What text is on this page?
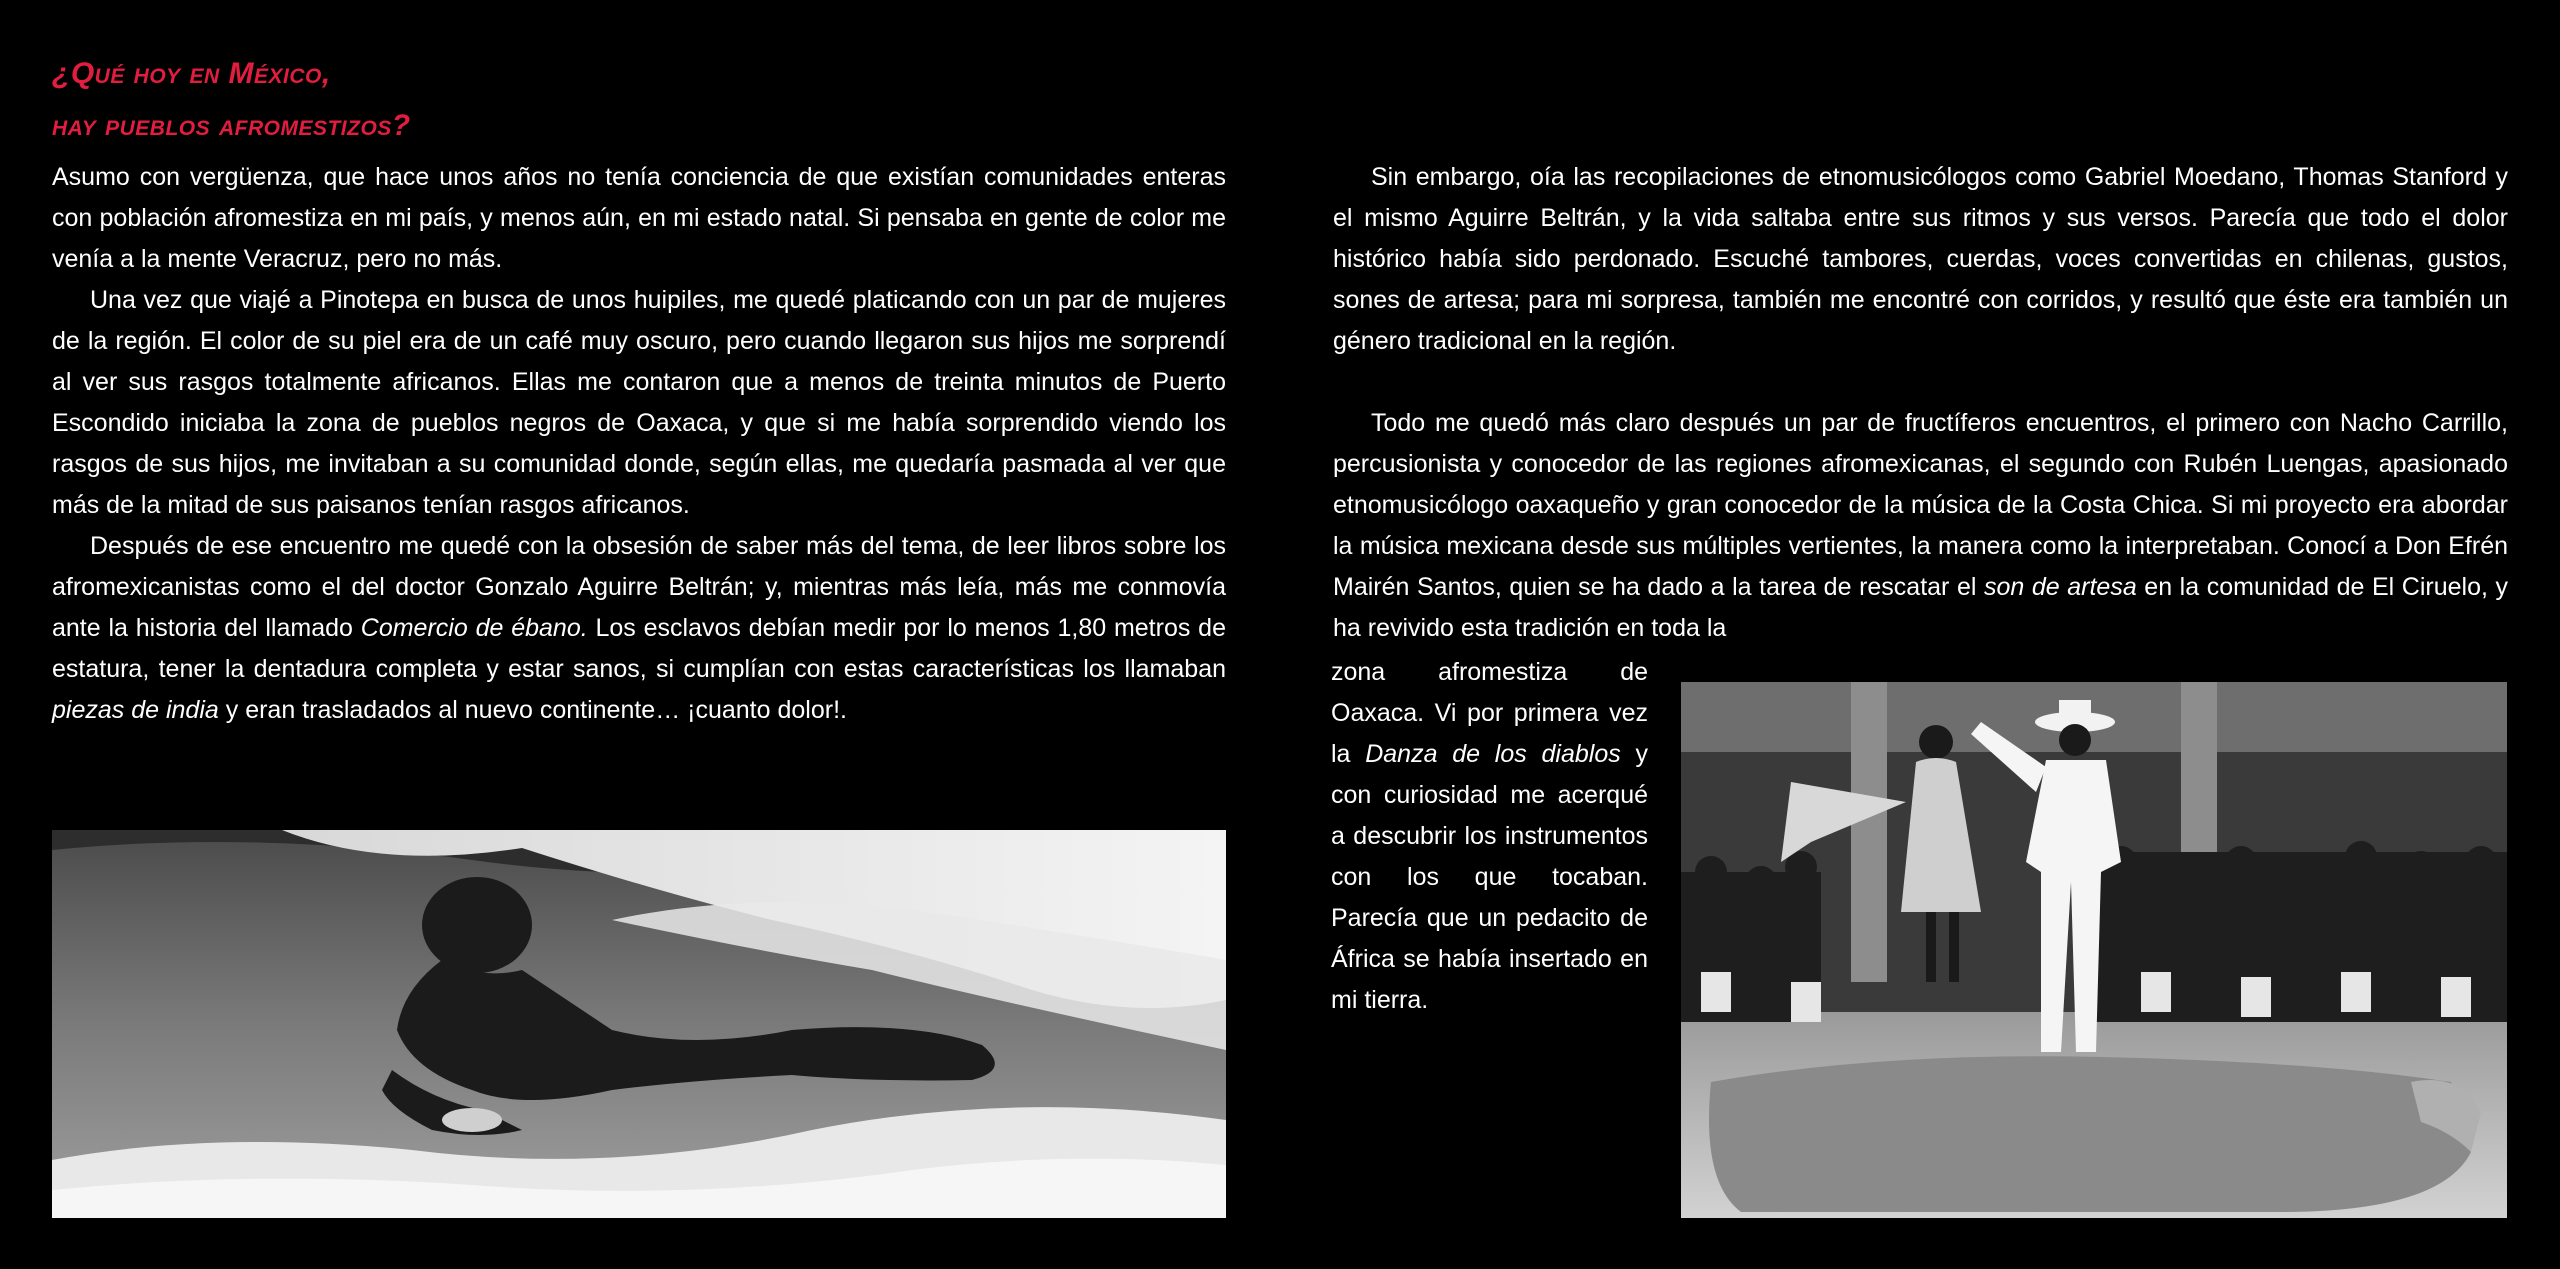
¿Qué hoy en México,
hay pueblos afromestizos?

Asumo con vergüenza, que hace unos años no tenía conciencia de que existían comunidades enteras con población afromestiza en mi país, y menos aún, en mi estado natal. Si pensaba en gente de color me venía a la mente Veracruz, pero no más.

Una vez que viajé a Pinotepa en busca de unos huipiles, me quedé platicando con un par de mujeres de la región. El color de su piel era de un café muy oscuro, pero cuando llegaron sus hijos me sorprendí al ver sus rasgos totalmente africanos. Ellas me contaron que a menos de treinta minutos de Puerto Escondido iniciaba la zona de pueblos negros de Oaxaca, y que si me había sorprendido viendo los rasgos de sus hijos, me invitaban a su comunidad donde, según ellas, me quedaría pasmada al ver que más de la mitad de sus paisanos tenían rasgos africanos.

Después de ese encuentro me quedé con la obsesión de saber más del tema, de leer libros sobre los afromexicanistas como el del doctor Gonzalo Aguirre Beltrán; y, mientras más leía, más me conmovía ante la historia del llamado Comercio de ébano. Los esclavos debían medir por lo menos 1,80 metros de estatura, tener la dentadura completa y estar sanos, si cumplían con estas características los llamaban piezas de india y eran trasladados al nuevo continente… ¡cuanto dolor!.

Sin embargo, oía las recopilaciones de etnomusicólogos como Gabriel Moedano, Thomas Stanford y el mismo Aguirre Beltrán, y la vida saltaba entre sus ritmos y sus versos. Parecía que todo el dolor histórico había sido perdonado. Escuché tambores, cuerdas, voces convertidas en chilenas, gustos, sones de artesa; para mi sorpresa, también me encontré con corridos, y resultó que éste era también un género tradicional en la región.

Todo me quedó más claro después un par de fructíferos encuentros, el primero con Nacho Carrillo, percusionista y conocedor de las regiones afromexicanas, el segundo con Rubén Luengas, apasionado etnomusicólogo oaxaqueño y gran conocedor de la música de la Costa Chica. Si mi proyecto era abordar la música mexicana desde sus múltiples vertientes, la manera como la interpretaban. Conocí a Don Efrén Mairén Santos, quien se ha dado a la tarea de rescatar el son de artesa en la comunidad de El Ciruelo, y ha revivido esta tradición en toda la

zona afromestiza de Oaxaca. Vi por primera vez la Danza de los diablos y con curiosidad me acerqué a descubrir los instrumentos con los que tocaban. Parecía que un pedacito de África se había insertado en mi tierra.
